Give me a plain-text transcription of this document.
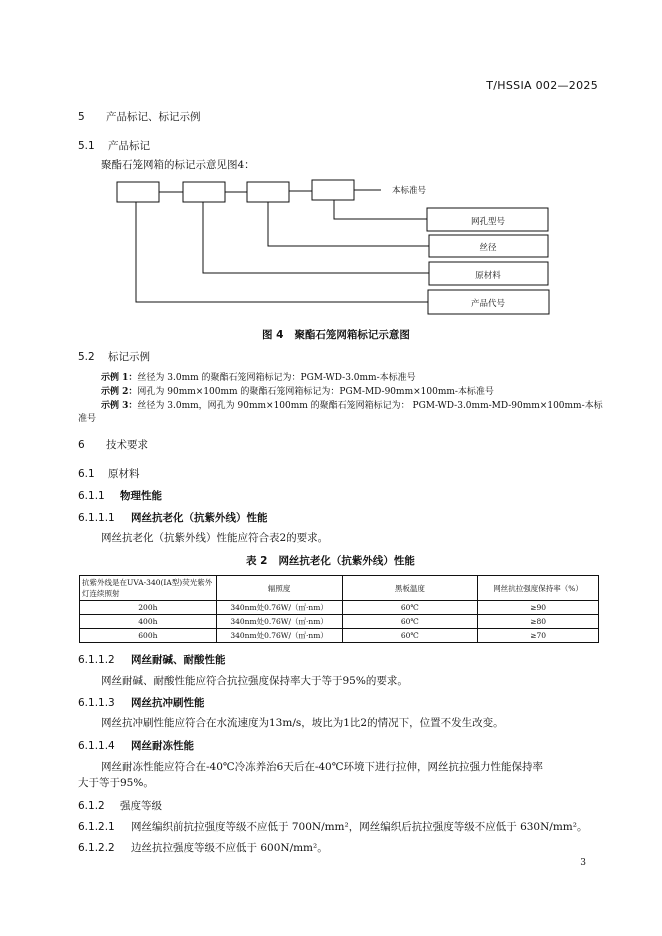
T/HSSIA 002—2025
5 产品标记、标记示例
5.1 产品标记
聚酯石笼网箱的标记示意见图4：
本标准号
网孔型号
丝径
原材料
产品代号
图 4 聚酯石笼网箱标记示意图
5.2 标记示例
示例 1：丝径为 3.0mm 的聚酯石笼网箱标记为：PGM-WD-3.0mm-本标准号
示例 2：网孔为 90mm×100mm 的聚酯石笼网箱标记为：PGM-MD-90mm×100mm-本标准号
示例 3：丝径为 3.0mm，网孔为 90mm×100mm 的聚酯石笼网箱标记为： PGM-WD-3.0mm-MD-90mm×100mm-本标
准号
6 技术要求
6.1 原材料
6.1.1 物理性能
6.1.1.1 网丝抗老化（抗紫外线）性能
网丝抗老化（抗紫外线）性能应符合表2的要求。
表 2 网丝抗老化（抗紫外线）性能
抗紫外线是在UVA-340(IA型)荧光紫外灯连续照射	辐照度	黑板温度	网丝抗拉强度保持率（%）
200h	340nm处0.76W/（㎡·nm）	60℃	≥90
400h	340nm处0.76W/（㎡·nm）	60℃	≥80
600h	340nm处0.76W/（㎡·nm）	60℃	≥70
6.1.1.2 网丝耐碱、耐酸性能
网丝耐碱、耐酸性能应符合抗拉强度保持率大于等于95%的要求。
6.1.1.3 网丝抗冲刷性能
网丝抗冲刷性能应符合在水流速度为13m/s，坡比为1比2的情况下，位置不发生改变。
6.1.1.4 网丝耐冻性能
网丝耐冻性能应符合在-40℃冷冻养治6天后在-40℃环境下进行拉伸，网丝抗拉强力性能保持率
大于等于95%。
6.1.2 强度等级
6.1.2.1 网丝编织前抗拉强度等级不应低于 700N/mm²，网丝编织后抗拉强度等级不应低于 630N/mm²。
6.1.2.2 边丝抗拉强度等级不应低于 600N/mm²。
3
